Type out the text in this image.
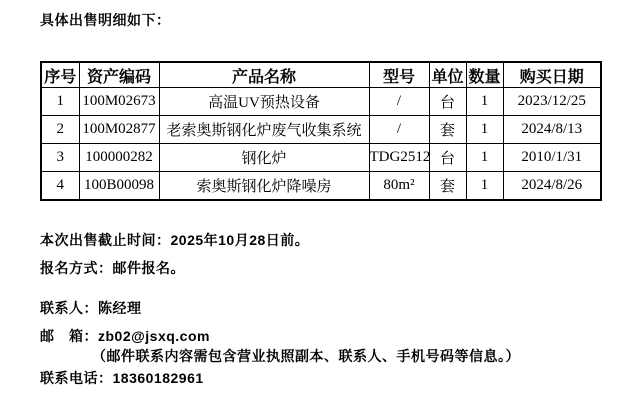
具体出售明细如下：
序号	资产编码	产品名称	型号	单位	数量	购买日期
1	100M02673	高温UV预热设备	/	台	1	2023/12/25
2	100M02877	老索奥斯钢化炉废气收集系统	/	套	1	2024/8/13
3	100000282	钢化炉	TDG2512	台	1	2010/1/31
4	100B00098	索奥斯钢化炉降噪房	80m²	套	1	2024/8/26
本次出售截止时间：2025年10月28日前。
报名方式：邮件报名。
联系人：陈经理
邮　箱：zb02@jsxq.com
（邮件联系内容需包含营业执照副本、联系人、手机号码等信息。）
联系电话：18360182961
